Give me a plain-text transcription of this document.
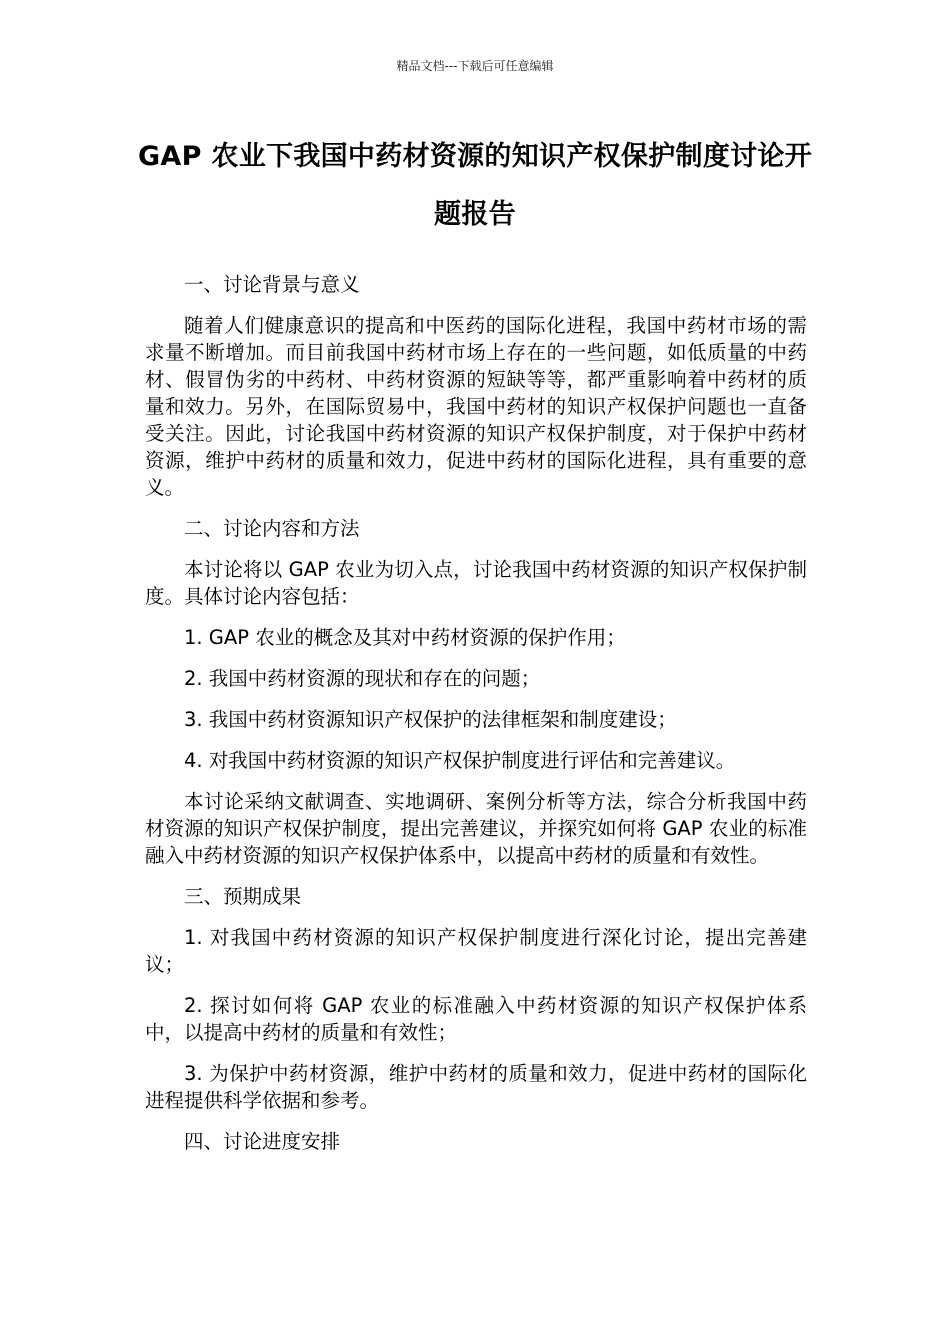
精品文档---下载后可任意编辑
GAP 农业下我国中药材资源的知识产权保护制度讨论开题报告
一、讨论背景与意义
随着人们健康意识的提高和中医药的国际化进程，我国中药材市场的需求量不断增加。而目前我国中药材市场上存在的一些问题，如低质量的中药材、假冒伪劣的中药材、中药材资源的短缺等等，都严重影响着中药材的质量和效力。另外，在国际贸易中，我国中药材的知识产权保护问题也一直备受关注。因此，讨论我国中药材资源的知识产权保护制度，对于保护中药材资源，维护中药材的质量和效力，促进中药材的国际化进程，具有重要的意义。
二、讨论内容和方法
本讨论将以 GAP 农业为切入点，讨论我国中药材资源的知识产权保护制度。具体讨论内容包括：
1. GAP 农业的概念及其对中药材资源的保护作用；
2. 我国中药材资源的现状和存在的问题；
3. 我国中药材资源知识产权保护的法律框架和制度建设；
4. 对我国中药材资源的知识产权保护制度进行评估和完善建议。
本讨论采纳文献调查、实地调研、案例分析等方法，综合分析我国中药材资源的知识产权保护制度，提出完善建议，并探究如何将 GAP 农业的标准融入中药材资源的知识产权保护体系中，以提高中药材的质量和有效性。
三、预期成果
1. 对我国中药材资源的知识产权保护制度进行深化讨论，提出完善建议；
2. 探讨如何将 GAP 农业的标准融入中药材资源的知识产权保护体系中，以提高中药材的质量和有效性；
3. 为保护中药材资源，维护中药材的质量和效力，促进中药材的国际化进程提供科学依据和参考。
四、讨论进度安排
